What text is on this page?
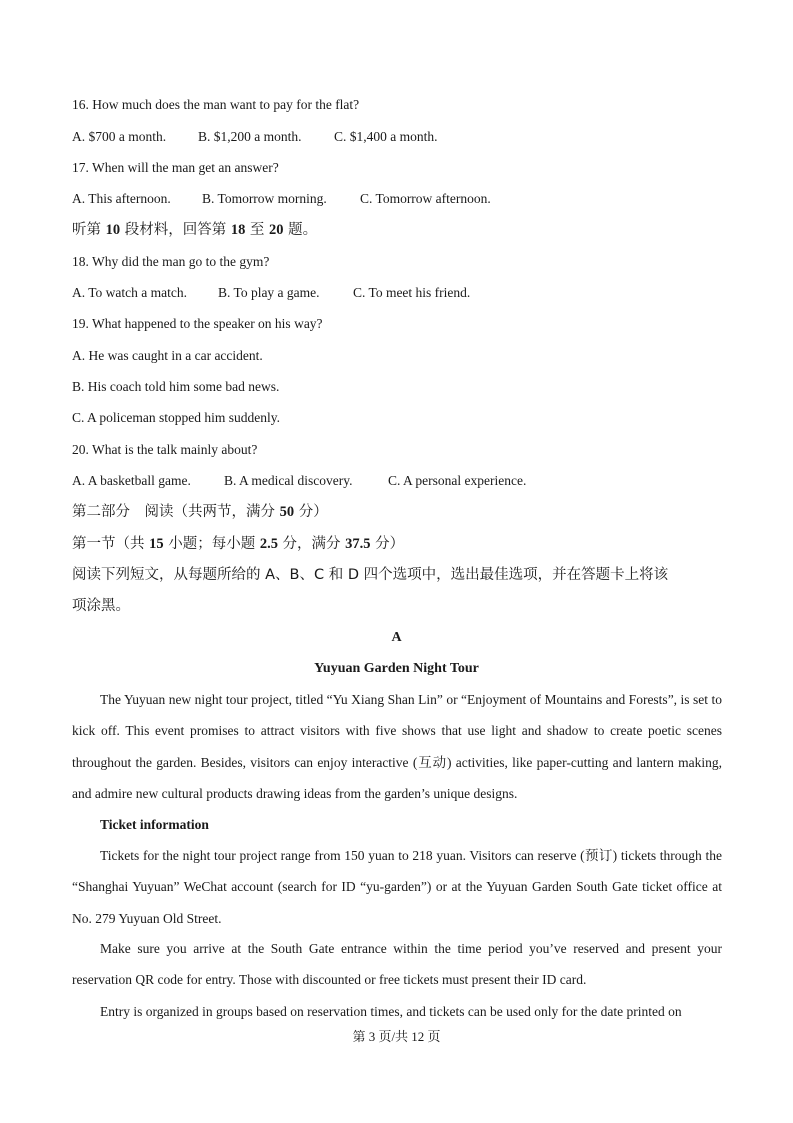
16. How much does the man want to pay for the flat?
A. $700 a month. B. $1,200 a month. C. $1,400 a month.
17. When will the man get an answer?
A. This afternoon. B. Tomorrow morning. C. Tomorrow afternoon.
听第 10 段材料，回答第 18 至 20 题。
18. Why did the man go to the gym?
A. To watch a match. B. To play a game. C. To meet his friend.
19. What happened to the speaker on his way?
A. He was caught in a car accident.
B. His coach told him some bad news.
C. A policeman stopped him suddenly.
20. What is the talk mainly about?
A. A basketball game. B. A medical discovery.	C. A personal experience.
第二部分　阅读（共两节，满分 50 分）
第一节（共 15 小题；每小题 2.5 分，满分 37.5 分）
阅读下列短文，从每题所给的 A、B、C 和 D 四个选项中，选出最佳选项，并在答题卡上将该
项涂黑。
A
Yuyuan Garden Night Tour
The Yuyuan new night tour project, titled “Yu Xiang Shan Lin” or “Enjoyment of Mountains and Forests”, is set to kick off. This event promises to attract visitors with five shows that use light and shadow to create poetic scenes throughout the garden. Besides, visitors can enjoy interactive (互动) activities, like paper-cutting and lantern making, and admire new cultural products drawing ideas from the garden’s unique designs.
Ticket information
Tickets for the night tour project range from 150 yuan to 218 yuan. Visitors can reserve (预订) tickets through the “Shanghai Yuyuan” WeChat account (search for ID “yu-garden”) or at the Yuyuan Garden South Gate ticket office at No. 279 Yuyuan Old Street.
Make sure you arrive at the South Gate entrance within the time period you’ve reserved and present your reservation QR code for entry. Those with discounted or free tickets must present their ID card.
Entry is organized in groups based on reservation times, and tickets can be used only for the date printed on
第 3 页/共 12 页
